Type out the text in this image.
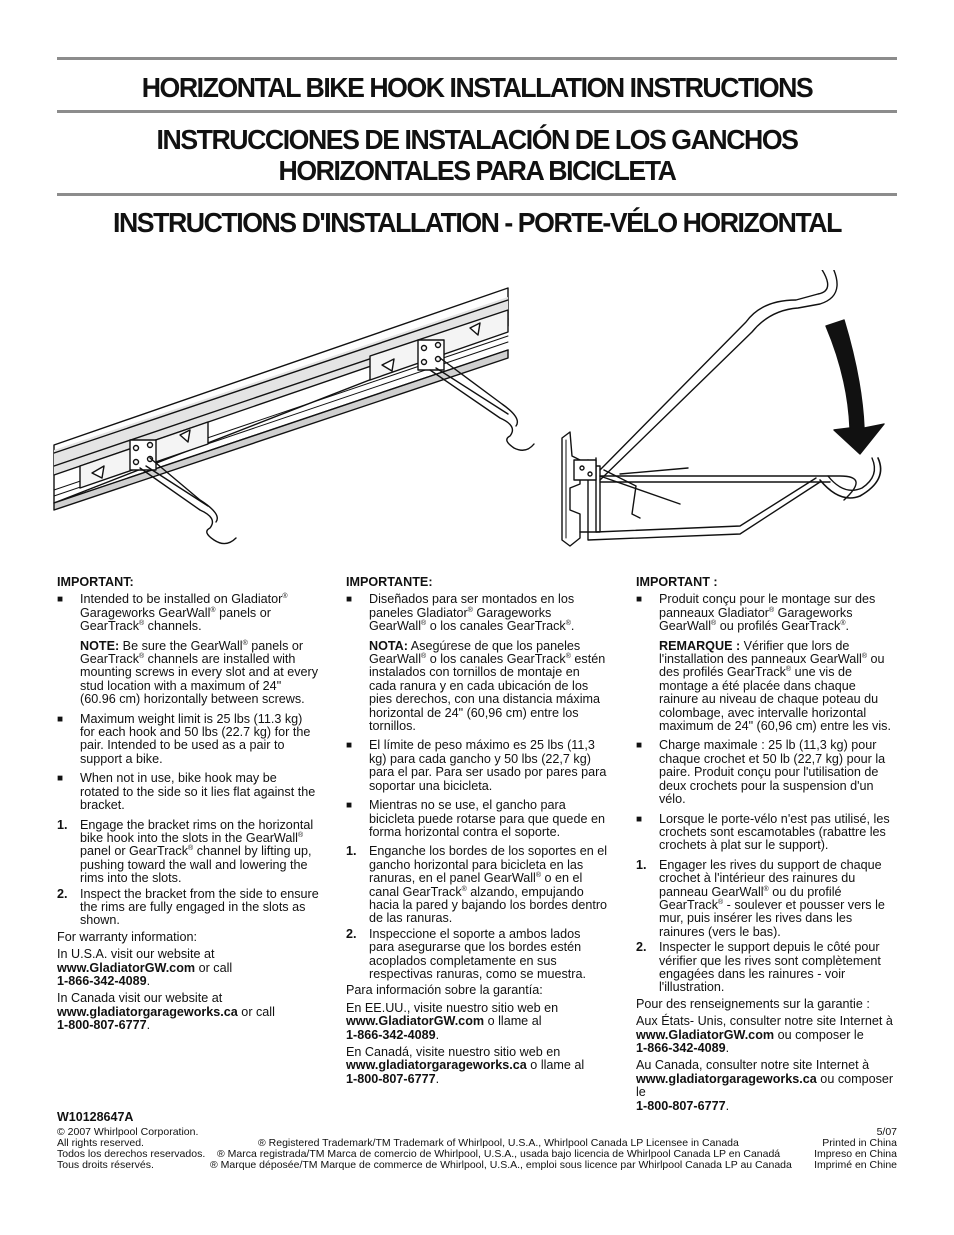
HORIZONTAL BIKE HOOK INSTALLATION INSTRUCTIONS
INSTRUCCIONES DE INSTALACIÓN DE LOS GANCHOS
HORIZONTALES PARA BICICLETA
INSTRUCTIONS D'INSTALLATION - PORTE-VÉLO HORIZONTAL

IMPORTANT:

■ Intended to be installed on Gladiator® Garageworks GearWall® panels or GearTrack® channels.

NOTE: Be sure the GearWall® panels or GearTrack® channels are installed with mounting screws in every slot and at every stud location with a maximum of 24" (60.96 cm) horizontally between screws.

■ Maximum weight limit is 25 lbs (11.3 kg) for each hook and 50 lbs (22.7 kg) for the pair. Intended to be used as a pair to support a bike.

■ When not in use, bike hook may be rotated to the side so it lies flat against the bracket.

1. Engage the bracket rims on the horizontal bike hook into the slots in the GearWall® panel or GearTrack® channel by lifting up, pushing toward the wall and lowering the rims into the slots.

2. Inspect the bracket from the side to ensure the rims are fully engaged in the slots as shown.

For warranty information:

In U.S.A. visit our website at
www.GladiatorGW.com or call
1-866-342-4089.

In Canada visit our website at
www.gladiatorgarageworks.ca or call
1-800-807-6777.

IMPORTANTE:

■ Diseñados para ser montados en los paneles Gladiator® Garageworks GearWall® o los canales GearTrack®.

NOTA: Asegúrese de que los paneles GearWall® o los canales GearTrack® estén instalados con tornillos de montaje en cada ranura y en cada ubicación de los pies derechos, con una distancia máxima horizontal de 24" (60,96 cm) entre los tornillos.

■ El límite de peso máximo es 25 lbs (11,3 kg) para cada gancho y 50 lbs (22,7 kg) para el par. Para ser usado por pares para soportar una bicicleta.

■ Mientras no se use, el gancho para bicicleta puede rotarse para que quede en forma horizontal contra el soporte.

1. Enganche los bordes de los soportes en el gancho horizontal para bicicleta en las ranuras, en el panel GearWall® o en el canal GearTrack® alzando, empujando hacia la pared y bajando los bordes dentro de las ranuras.

2. Inspeccione el soporte a ambos lados para asegurarse que los bordes estén acoplados completamente en sus respectivas ranuras, como se muestra.

Para información sobre la garantía:

En EE.UU., visite nuestro sitio web en
www.GladiatorGW.com o llame al
1-866-342-4089.

En Canadá, visite nuestro sitio web en
www.gladiatorgarageworks.ca o llame al
1-800-807-6777.

IMPORTANT :

■ Produit conçu pour le montage sur des panneaux Gladiator® Garageworks GearWall® ou profilés GearTrack®.

REMARQUE : Vérifier que lors de l'installation des panneaux GearWall® ou des profilés GearTrack® une vis de montage a été placée dans chaque rainure au niveau de chaque poteau du colombage, avec intervalle horizontal maximum de 24" (60,96 cm) entre les vis.

■ Charge maximale : 25 lb (11,3 kg) pour chaque crochet et 50 lb (22,7 kg) pour la paire. Produit conçu pour l'utilisation de deux crochets pour la suspension d'un vélo.

■ Lorsque le porte-vélo n'est pas utilisé, les crochets sont escamotables (rabattre les crochets à plat sur le support).

1. Engager les rives du support de chaque crochet à l'intérieur des rainures du panneau GearWall® ou du profilé GearTrack® - soulever et pousser vers le mur, puis insérer les rives dans les rainures (vers le bas).

2. Inspecter le support depuis le côté pour vérifier que les rives sont complètement engagées dans les rainures - voir l'illustration.

Pour des renseignements sur la garantie :

Aux États- Unis, consulter notre site Internet à www.GladiatorGW.com ou composer le
1-866-342-4089.

Au Canada, consulter notre site Internet à
www.gladiatorgarageworks.ca ou composer le
1-800-807-6777.

W10128647A
© 2007 Whirlpool Corporation.	5/07
All rights reserved.	® Registered Trademark/TM Trademark of Whirlpool, U.S.A., Whirlpool Canada LP Licensee in Canada	Printed in China
Todos los derechos reservados. ® Marca registrada/TM Marca de comercio de Whirlpool, U.S.A., usada bajo licencia de Whirlpool Canada LP en Canadá	Impreso en China
Tous droits réservés.	® Marque déposée/TM Marque de commerce de Whirlpool, U.S.A., emploi sous licence par Whirlpool Canada LP au Canada Imprimé en Chine
